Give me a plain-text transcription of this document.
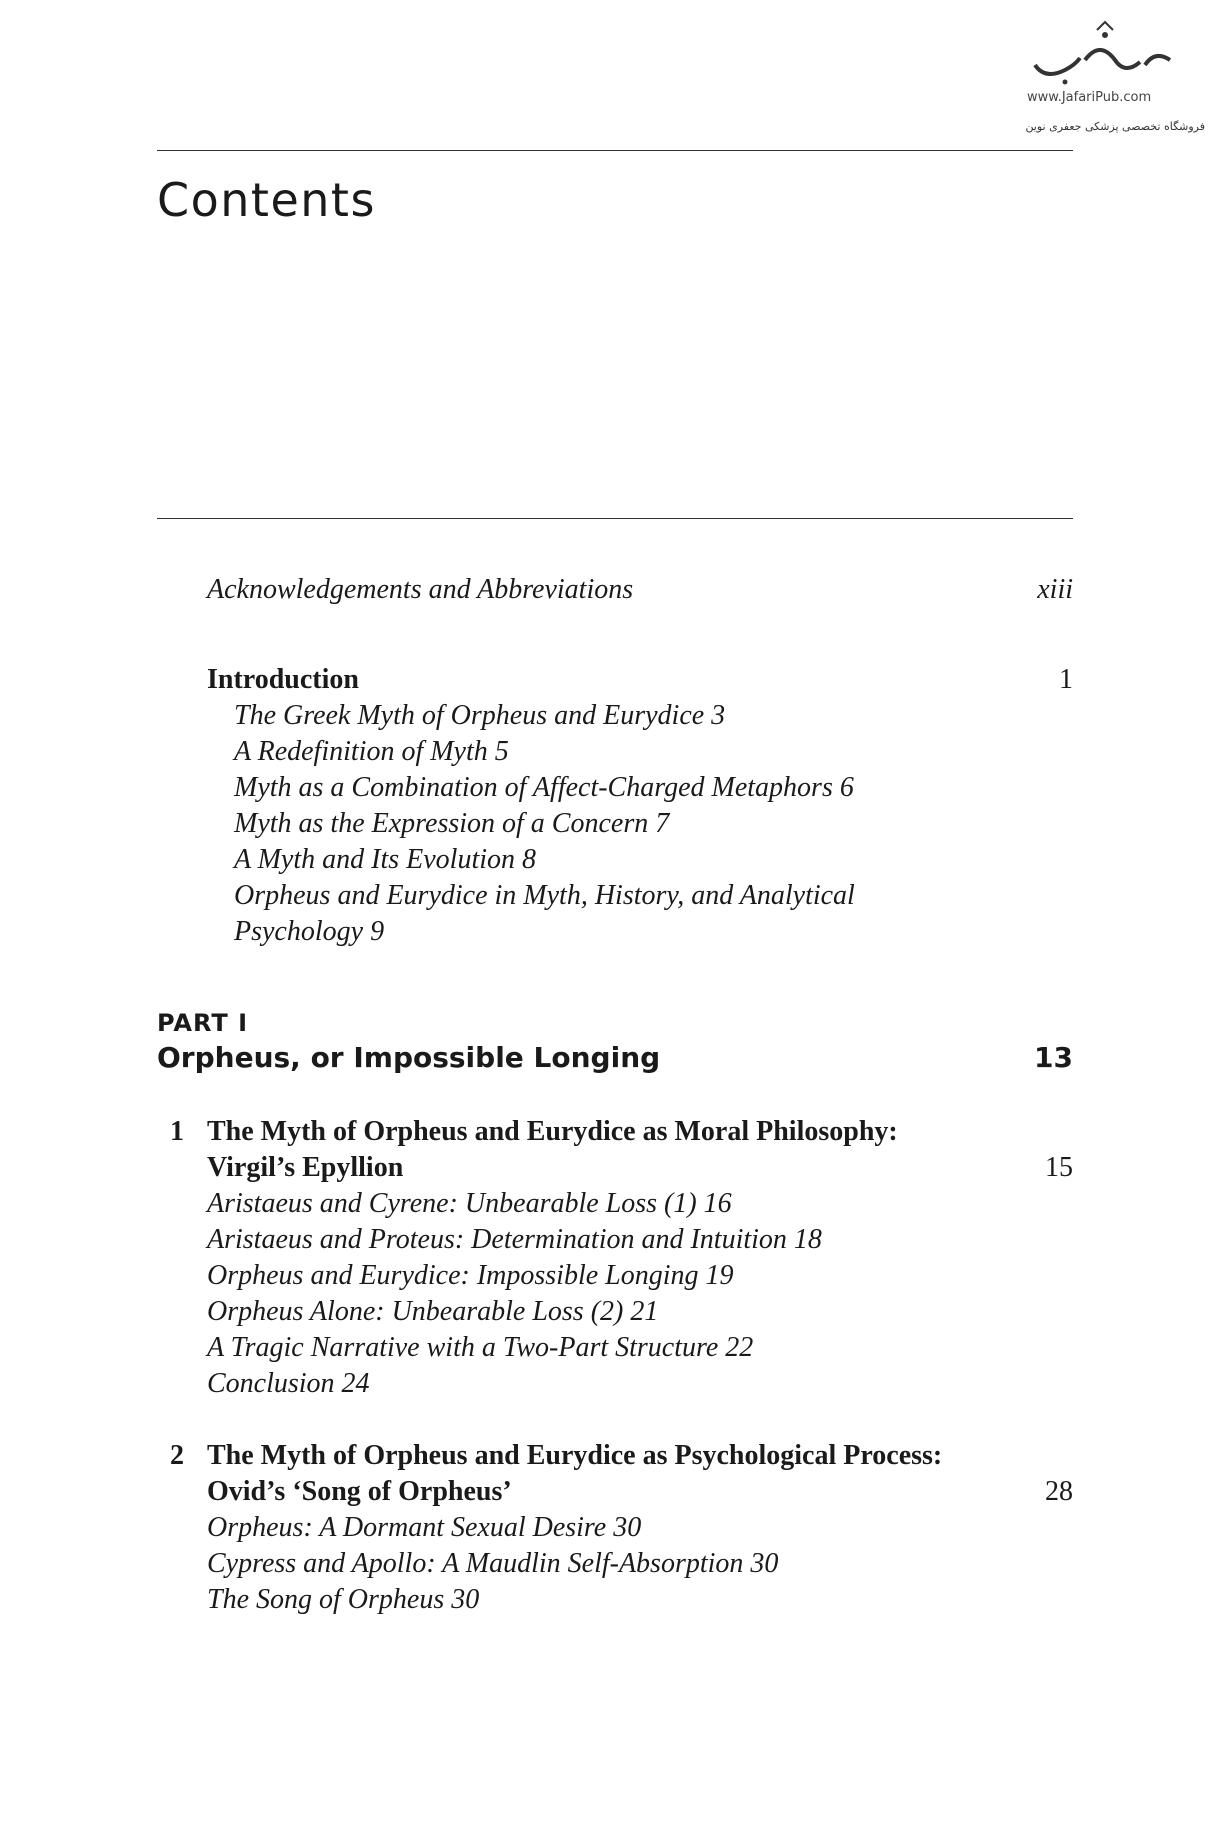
www.JafariPub.com
فروشگاه تخصصی پزشکی جعفری نوین
Contents
Acknowledgements and Abbreviations	xiii
Introduction	1
The Greek Myth of Orpheus and Eurydice 3
A Redefinition of Myth 5
Myth as a Combination of Affect-Charged Metaphors 6
Myth as the Expression of a Concern 7
A Myth and Its Evolution 8
Orpheus and Eurydice in Myth, History, and Analytical
Psychology 9
PART I
Orpheus, or Impossible Longing	13
1 The Myth of Orpheus and Eurydice as Moral Philosophy:
Virgil’s Epyllion	15
Aristaeus and Cyrene: Unbearable Loss (1) 16
Aristaeus and Proteus: Determination and Intuition 18
Orpheus and Eurydice: Impossible Longing 19
Orpheus Alone: Unbearable Loss (2) 21
A Tragic Narrative with a Two-Part Structure 22
Conclusion 24
2 The Myth of Orpheus and Eurydice as Psychological Process:
Ovid’s ‘Song of Orpheus’	28
Orpheus: A Dormant Sexual Desire 30
Cypress and Apollo: A Maudlin Self-Absorption 30
The Song of Orpheus 30
